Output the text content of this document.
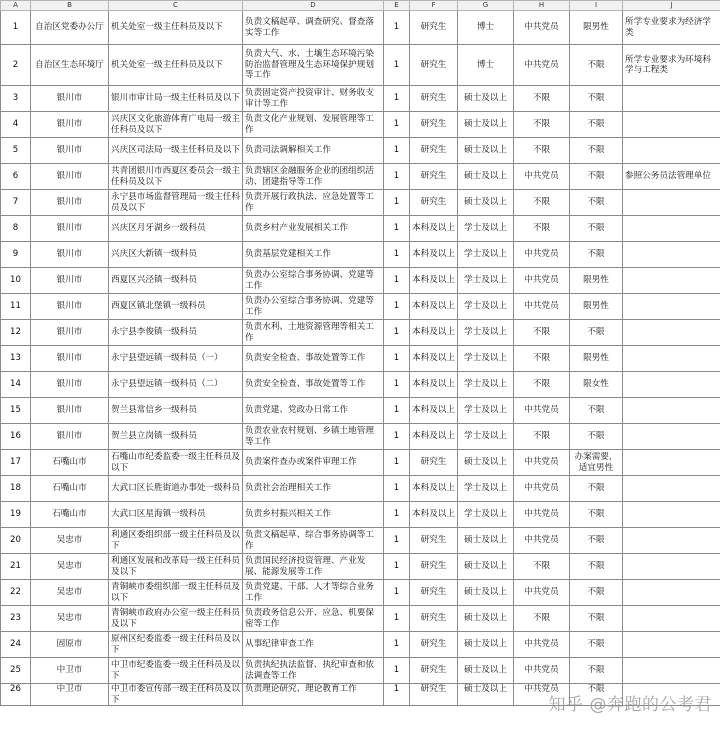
A	B	C	D	E	F	G	H	I	J
1	自治区党委办公厅	机关处室一级主任科员及以下	负责文稿起草、调查研究、督查落实等工作	1	研究生	博士	中共党员	限男性	所学专业要求为经济学类
2	自治区生态环境厅	机关处室一级主任科员及以下	负责大气、水、土壤生态环境污染防治监督管理及生态环境保护规划等工作	1	研究生	博士	中共党员	不限	所学专业要求为环境科学与工程类
3	银川市	银川市审计局一级主任科员及以下	负责固定资产投资审计、财务收支审计等工作	1	研究生	硕士及以上	不限	不限	
4	银川市	兴庆区文化旅游体育广电局一级主任科员及以下	负责文化产业规划、发展管理等工作	1	研究生	硕士及以上	不限	不限	
5	银川市	兴庆区司法局一级主任科员及以下	负责司法调解相关工作	1	研究生	硕士及以上	不限	不限	
6	银川市	共青团银川市西夏区委员会一级主任科员及以下	负责辖区金融服务企业的团组织活动、团建指导等工作	1	研究生	硕士及以上	中共党员	不限	参照公务员法管理单位
7	银川市	永宁县市场监督管理局一级主任科员及以下	负责开展行政执法、应急处置等工作	1	研究生	硕士及以上	不限	不限	
8	银川市	兴庆区月牙湖乡一级科员	负责乡村产业发展相关工作	1	本科及以上	学士及以上	不限	不限	
9	银川市	兴庆区大新镇一级科员	负责基层党建相关工作	1	本科及以上	学士及以上	中共党员	不限	
10	银川市	西夏区兴泾镇一级科员	负责办公室综合事务协调、党建等工作	1	本科及以上	学士及以上	中共党员	限男性	
11	银川市	西夏区镇北堡镇一级科员	负责办公室综合事务协调、党建等工作	1	本科及以上	学士及以上	中共党员	限男性	
12	银川市	永宁县李俊镇一级科员	负责水利、土地资源管理等相关工作	1	本科及以上	学士及以上	不限	不限	
13	银川市	永宁县望远镇一级科员（一）	负责安全检查、事故处置等工作	1	本科及以上	学士及以上	不限	限男性	
14	银川市	永宁县望远镇一级科员（二）	负责安全检查、事故处置等工作	1	本科及以上	学士及以上	不限	限女性	
15	银川市	贺兰县常信乡一级科员	负责党建、党政办日常工作	1	本科及以上	学士及以上	中共党员	不限	
16	银川市	贺兰县立岗镇一级科员	负责农业农村规划、乡镇土地管理等工作	1	本科及以上	学士及以上	不限	不限	
17	石嘴山市	石嘴山市纪委监委一级主任科员及以下	负责案件查办或案件审理工作	1	研究生	硕士及以上	中共党员	办案需要，适宜男性	
18	石嘴山市	大武口区长胜街道办事处一级科员	负责社会治理相关工作	1	本科及以上	学士及以上	中共党员	不限	
19	石嘴山市	大武口区星海镇一级科员	负责乡村振兴相关工作	1	本科及以上	学士及以上	中共党员	不限	
20	吴忠市	利通区委组织部一级主任科员及以下	负责文稿起草、综合事务协调等工作	1	研究生	硕士及以上	中共党员	不限	
21	吴忠市	利通区发展和改革局一级主任科员及以下	负责国民经济投资管理、产业发展、能源发展等工作	1	研究生	硕士及以上	不限	不限	
22	吴忠市	青铜峡市委组织部一级主任科员及以下	负责党建、干部、人才等综合业务工作	1	研究生	硕士及以上	中共党员	不限	
23	吴忠市	青铜峡市政府办公室一级主任科员及以下	负责政务信息公开、应急、机要保密等工作	1	研究生	硕士及以上	不限	不限	
24	固原市	原州区纪委监委一级主任科员及以下	从事纪律审查工作	1	研究生	硕士及以上	中共党员	不限	
25	中卫市	中卫市纪委监委一级主任科员及以下	负责执纪执法监督、执纪审查和依法调查等工作	1	研究生	硕士及以上	中共党员	不限	
26	中卫市	中卫市委宣传部一级主任科员及以下	负责理论研究、理论教育工作	1	研究生	硕士及以上	中共党员	不限	
知乎 @奔跑的公考君
